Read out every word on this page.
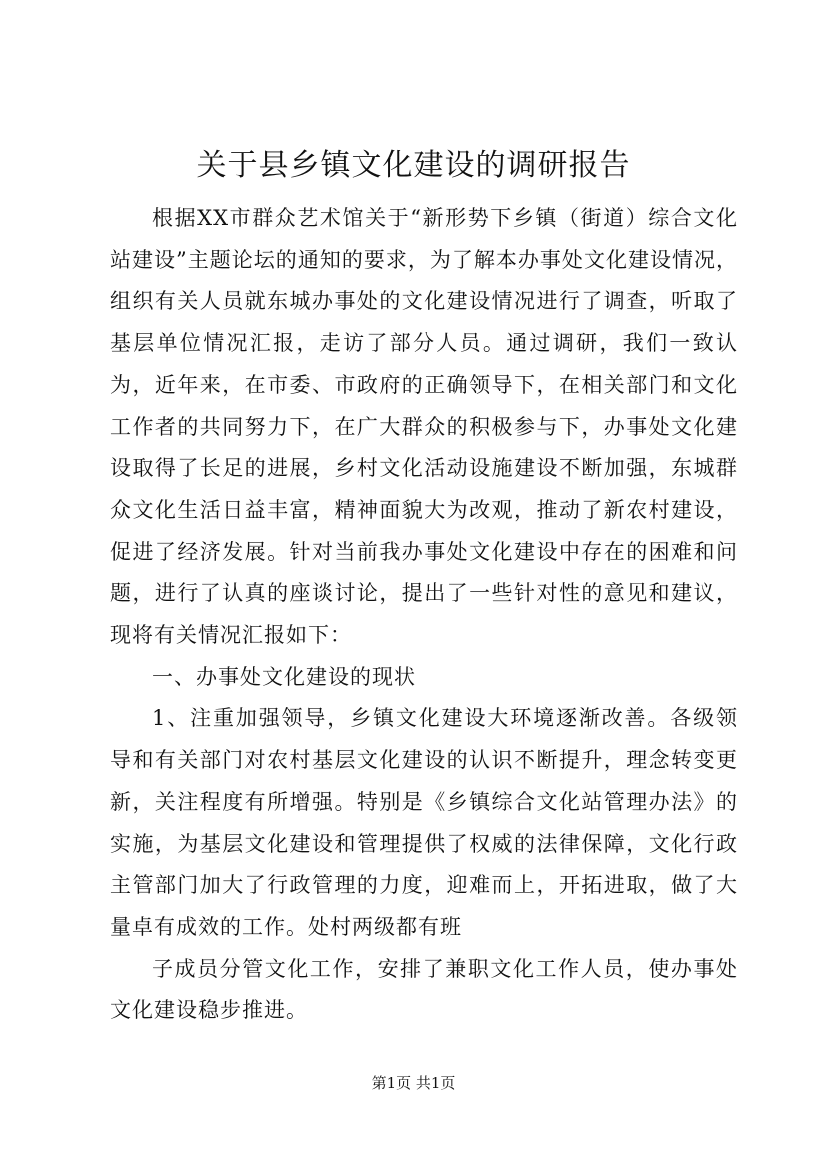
关于县乡镇文化建设的调研报告

根据XX市群众艺术馆关于“新形势下乡镇（街道）综合文化站建设”主题论坛的通知的要求，为了解本办事处文化建设情况，组织有关人员就东城办事处的文化建设情况进行了调查，听取了基层单位情况汇报，走访了部分人员。通过调研，我们一致认为，近年来，在市委、市政府的正确领导下，在相关部门和文化工作者的共同努力下，在广大群众的积极参与下，办事处文化建设取得了长足的进展，乡村文化活动设施建设不断加强，东城群众文化生活日益丰富，精神面貌大为改观，推动了新农村建设，促进了经济发展。针对当前我办事处文化建设中存在的困难和问题，进行了认真的座谈讨论，提出了一些针对性的意见和建议，现将有关情况汇报如下：

一、办事处文化建设的现状

1、注重加强领导，乡镇文化建设大环境逐渐改善。各级领导和有关部门对农村基层文化建设的认识不断提升，理念转变更新，关注程度有所增强。特别是《乡镇综合文化站管理办法》的实施，为基层文化建设和管理提供了权威的法律保障，文化行政主管部门加大了行政管理的力度，迎难而上，开拓进取，做了大量卓有成效的工作。处村两级都有班

子成员分管文化工作，安排了兼职文化工作人员，使办事处文化建设稳步推进。

第1页 共1页
